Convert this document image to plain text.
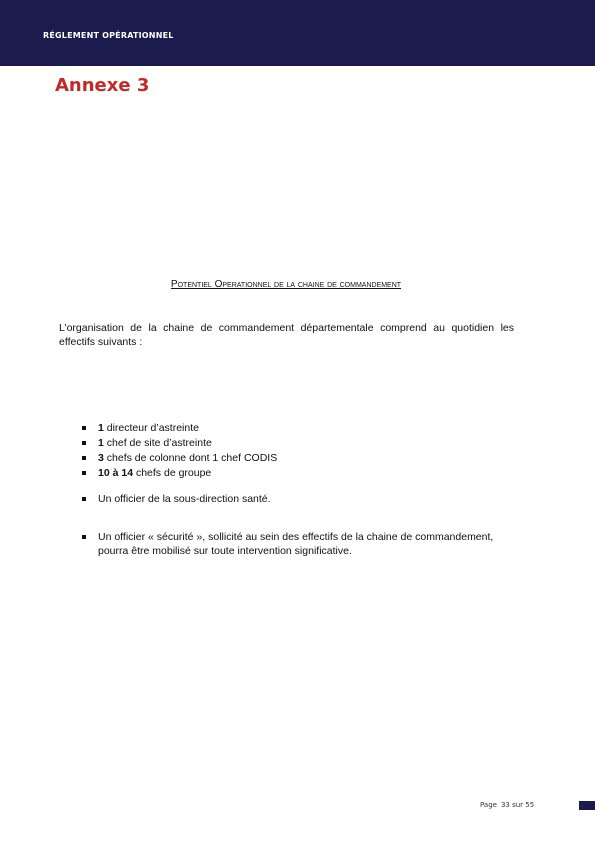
RÉGLEMENT OPÉRATIONNEL
Annexe 3
Potentiel Operationnel de la chaine de commandement

L’organisation de la chaine de commandement départementale comprend au quotidien les effectifs suivants :

1 directeur d’astreinte
1 chef de site d’astreinte
3 chefs de colonne dont 1 chef CODIS
10 à 14 chefs de groupe
Un officier de la sous-direction santé.
Un officier « sécurité », sollicité au sein des effectifs de la chaine de commandement, pourra être mobilisé sur toute intervention significative.
Page 33 sur 55
